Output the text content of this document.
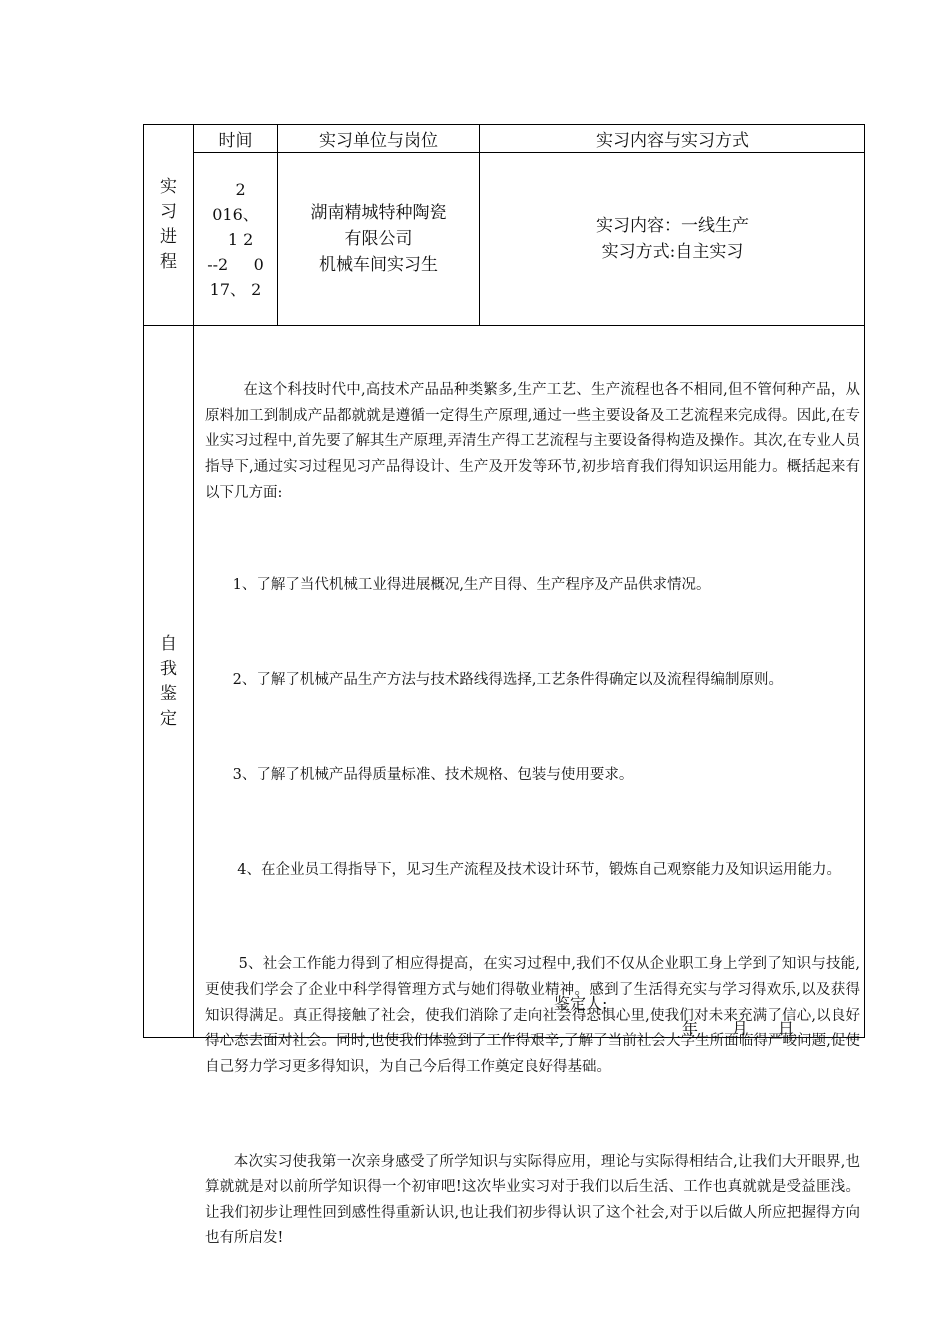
时间	实习单位与岗位	实习内容与实习方式
实
习
进
程
2
016、
1 2
--2     0
17、 2
湖南精城特种陶瓷
有限公司
机械车间实习生
实习内容：一线生产
实习方式:自主实习
自
我
鉴
定

在这个科技时代中,高技术产品品种类繁多,生产工艺、生产流程也各不相同,但不管何种产品，从原料加工到制成产品都就就是遵循一定得生产原理,通过一些主要设备及工艺流程来完成得。因此,在专业实习过程中,首先要了解其生产原理,弄清生产得工艺流程与主要设备得构造及操作。其次,在专业人员指导下,通过实习过程见习产品得设计、生产及开发等环节,初步培育我们得知识运用能力。概括起来有以下几方面:

1、了解了当代机械工业得进展概况,生产目得、生产程序及产品供求情况。

2、了解了机械产品生产方法与技术路线得选择,工艺条件得确定以及流程得编制原则。

3、了解了机械产品得质量标准、技术规格、包装与使用要求。

4、在企业员工得指导下，见习生产流程及技术设计环节，锻炼自己观察能力及知识运用能力。

5、社会工作能力得到了相应得提高，在实习过程中,我们不仅从企业职工身上学到了知识与技能,更使我们学会了企业中科学得管理方式与她们得敬业精神。感到了生活得充实与学习得欢乐,以及获得知识得满足。真正得接触了社会，使我们消除了走向社会得恐惧心里,使我们对未来充满了信心,以良好得心态去面对社会。同时,也使我们体验到了工作得艰辛,了解了当前社会大学生所面临得严峻问题,促使自己努力学习更多得知识，为自己今后得工作奠定良好得基础。

本次实习使我第一次亲身感受了所学知识与实际得应用，理论与实际得相结合,让我们大开眼界,也算就就是对以前所学知识得一个初审吧!这次毕业实习对于我们以后生活、工作也真就就是受益匪浅。让我们初步让理性回到感性得重新认识,也让我们初步得认识了这个社会,对于以后做人所应把握得方向也有所启发!

鉴定人:
年 月 日
